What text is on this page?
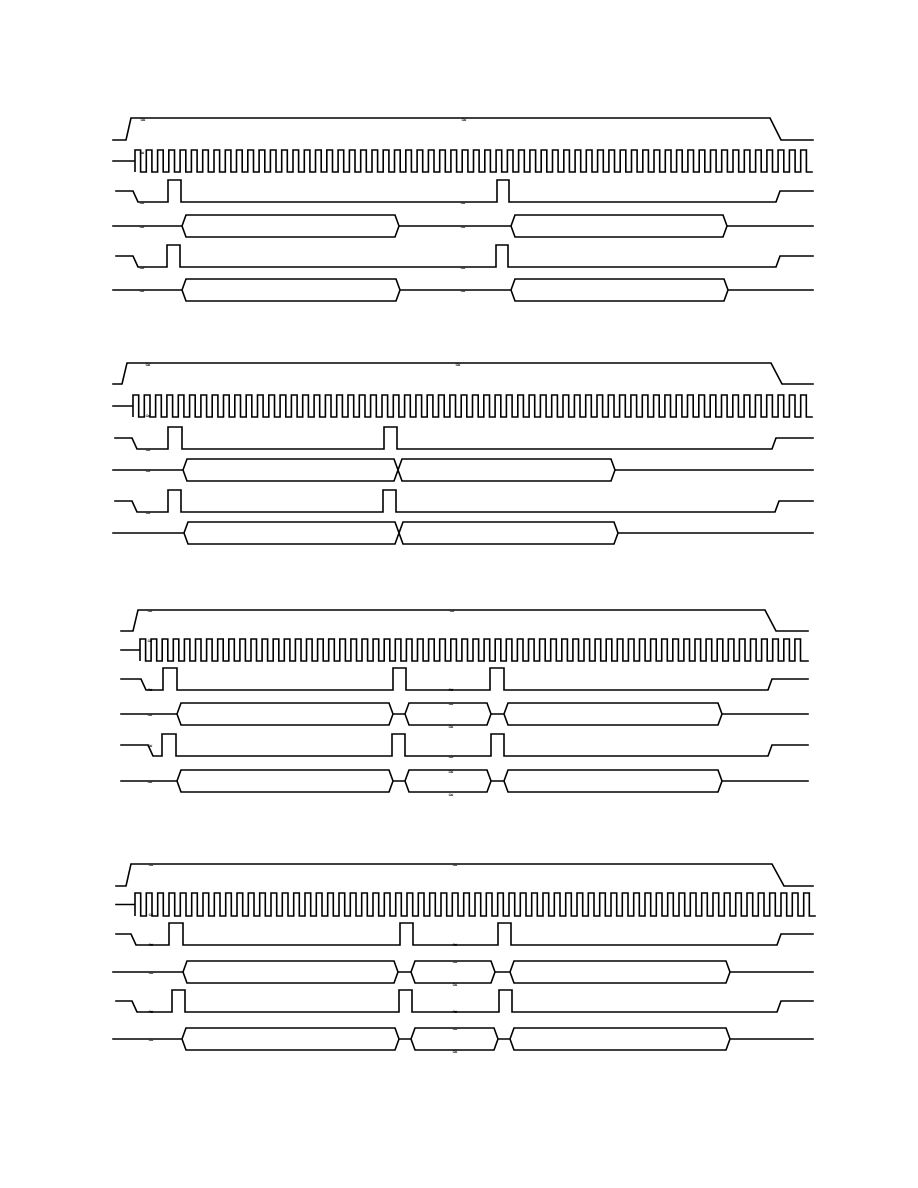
≈	≈
≈
≈
≈
≈
≈
≈
≈
≈
≈
≈	≈
≈
≈
≈
≈
≈	≈
≈
≈	≈
≈
≈
≈
≈
≈
≈
≈
≈
≈	≈
≈
≈	≈
≈
≈
≈
≈	≈
≈
≈
≈
